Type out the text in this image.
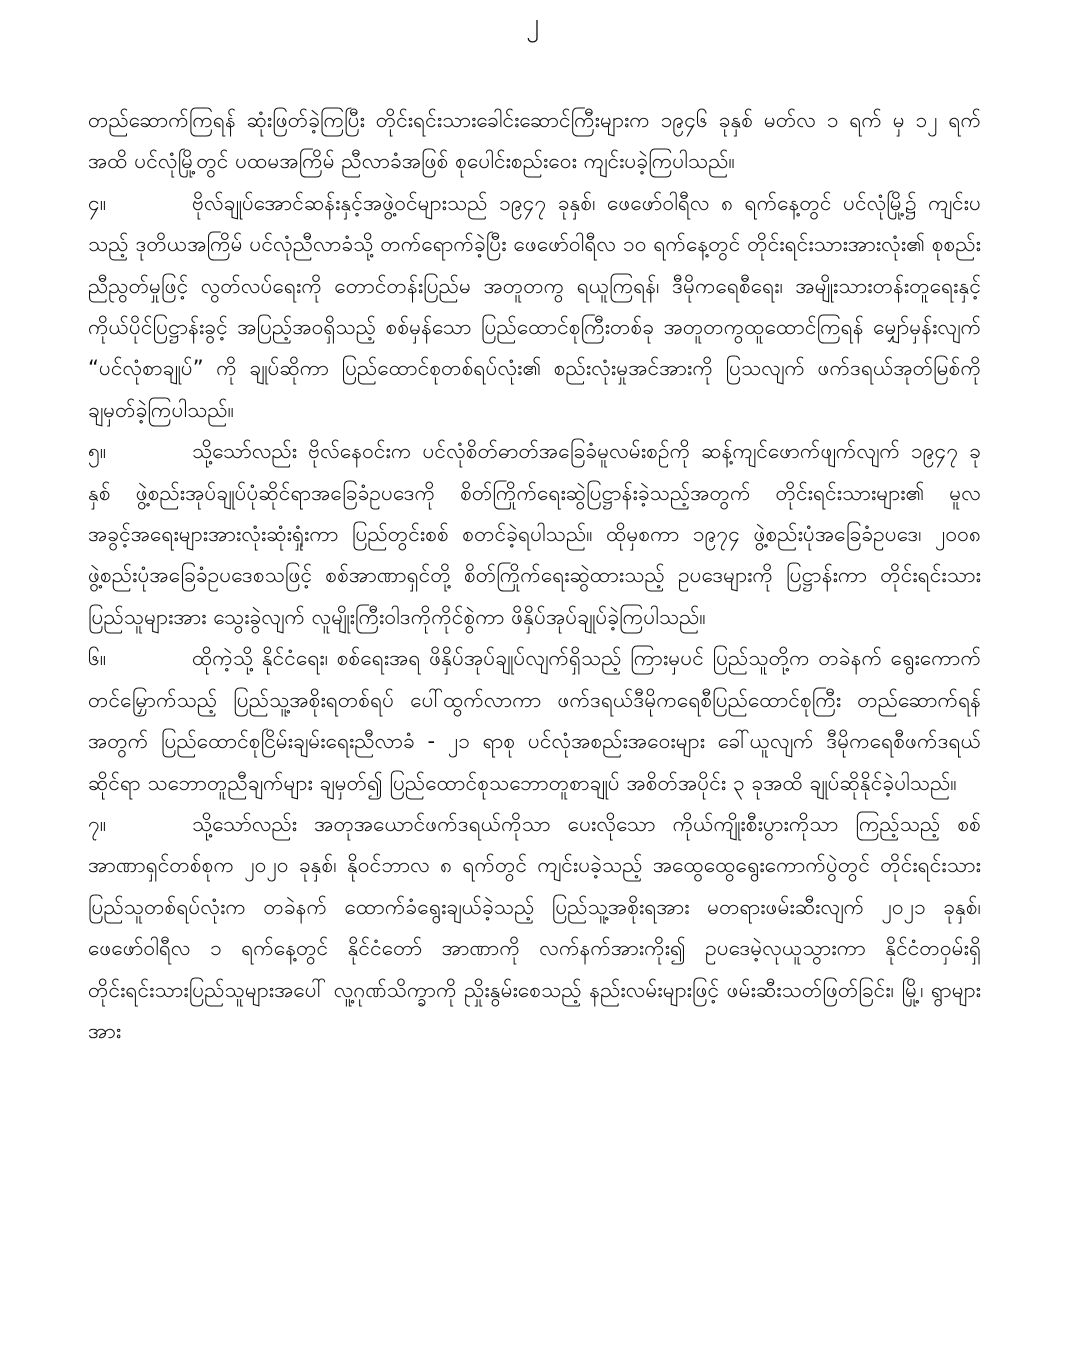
၂

တည်ဆောက်ကြရန် ဆုံးဖြတ်ခဲ့ကြပြီး တိုင်းရင်းသားခေါင်းဆောင်ကြီးများက ၁၉၄၆ ခုနှစ် မတ်လ ၁ ရက် မှ ၁၂ ရက် အထိ ပင်လုံမြို့တွင် ပထမအကြိမ် ညီလာခံအဖြစ် စုပေါင်းစည်းဝေး ကျင်းပခဲ့ကြပါသည်။

၄။	ဗိုလ်ချုပ်အောင်ဆန်းနှင့်အဖွဲ့ဝင်များသည် ၁၉၄၇ ခုနှစ်၊ ဖေဖော်ဝါရီလ ၈ ရက်နေ့တွင် ပင်လုံမြို့၌ ကျင်းပသည့် ဒုတိယအကြိမ် ပင်လုံညီလာခံသို့ တက်ရောက်ခဲ့ပြီး ဖေဖော်ဝါရီလ ၁၀ ရက်နေ့တွင် တိုင်းရင်းသားအားလုံး၏ စုစည်းညီညွတ်မှုဖြင့် လွတ်လပ်ရေးကို တောင်တန်းပြည်မ အတူတကွ ရယူကြရန်၊ ဒီမိုကရေစီရေး၊ အမျိုးသားတန်းတူရေးနှင့် ကိုယ်ပိုင်ပြဋ္ဌာန်းခွင့် အပြည့်အဝရှိသည့် စစ်မှန်သော ပြည်ထောင်စုကြီးတစ်ခု အတူတကွထူထောင်ကြရန် မျှော်မှန်းလျက် “ပင်လုံစာချုပ်” ကို ချုပ်ဆိုကာ ပြည်ထောင်စုတစ်ရပ်လုံး၏ စည်းလုံးမှုအင်အားကို ပြသလျက် ဖက်ဒရယ်အုတ်မြစ်ကို ချမှတ်ခဲ့ကြပါသည်။

၅။	သို့သော်လည်း ဗိုလ်နေဝင်းက ပင်လုံစိတ်ဓာတ်အခြေခံမူလမ်းစဉ်ကို ဆန့်ကျင်ဖောက်ဖျက်လျက် ၁၉၄၇ ခုနှစ် ဖွဲ့စည်းအုပ်ချုပ်ပုံဆိုင်ရာအခြေခံဥပဒေကို စိတ်ကြိုက်ရေးဆွဲပြဋ္ဌာန်းခဲ့သည့်အတွက် တိုင်းရင်းသားများ၏ မူလအခွင့်အရေးများအားလုံးဆုံးရှုံးကာ ပြည်တွင်းစစ် စတင်ခဲ့ရပါသည်။ ထိုမှစကာ ၁၉၇၄ ဖွဲ့စည်းပုံအခြေခံဥပဒေ၊ ၂၀၀၈ ဖွဲ့စည်းပုံအခြေခံဥပဒေစသဖြင့် စစ်အာဏာရှင်တို့ စိတ်ကြိုက်ရေးဆွဲထားသည့် ဥပဒေများကို ပြဋ္ဌာန်းကာ တိုင်းရင်းသား ပြည်သူများအား သွေးခွဲလျက် လူမျိုးကြီးဝါဒကိုကိုင်စွဲကာ ဖိနှိပ်အုပ်ချုပ်ခဲ့ကြပါသည်။

၆။	ထိုကဲ့သို့ နိုင်ငံရေး၊ စစ်ရေးအရ ဖိနှိပ်အုပ်ချုပ်လျက်ရှိသည့် ကြားမှပင် ပြည်သူတို့က တခဲနက် ရွေးကောက်တင်မြှောက်သည့် ပြည်သူ့အစိုးရတစ်ရပ် ပေါ်ထွက်လာကာ ဖက်ဒရယ်ဒီမိုကရေစီပြည်ထောင်စုကြီး တည်ဆောက်ရန်အတွက် ပြည်ထောင်စုငြိမ်းချမ်းရေးညီလာခံ - ၂၁ ရာစု ပင်လုံအစည်းအဝေးများ ခေါ်ယူလျက် ဒီမိုကရေစီဖက်ဒရယ်ဆိုင်ရာ သဘောတူညီချက်များ ချမှတ်၍ ပြည်ထောင်စုသဘောတူစာချုပ် အစိတ်အပိုင်း ၃ ခုအထိ ချုပ်ဆိုနိုင်ခဲ့ပါသည်။

၇။	သို့သော်လည်း အတုအယောင်ဖက်ဒရယ်ကိုသာ ပေးလိုသော ကိုယ်ကျိုးစီးပွားကိုသာ ကြည့်သည့် စစ်အာဏာရှင်တစ်စုက ၂၀၂၀ ခုနှစ်၊ နိုဝင်ဘာလ ၈ ရက်တွင် ကျင်းပခဲ့သည့် အထွေထွေရွေးကောက်ပွဲတွင် တိုင်းရင်းသား ပြည်သူတစ်ရပ်လုံးက တခဲနက် ထောက်ခံရွေးချယ်ခဲ့သည့် ပြည်သူ့အစိုးရအား မတရားဖမ်းဆီးလျက် ၂၀၂၁ ခုနှစ်၊ ဖေဖော်ဝါရီလ ၁ ရက်နေ့တွင် နိုင်ငံတော် အာဏာကို လက်နက်အားကိုး၍ ဥပဒေမဲ့လုယူသွားကာ နိုင်ငံတဝှမ်းရှိ တိုင်းရင်းသားပြည်သူများအပေါ် လူ့ဂုဏ်သိက္ခာကို ညှိုးနွမ်းစေသည့် နည်းလမ်းများဖြင့် ဖမ်းဆီးသတ်ဖြတ်ခြင်း၊ မြို့၊ ရွာများအား
